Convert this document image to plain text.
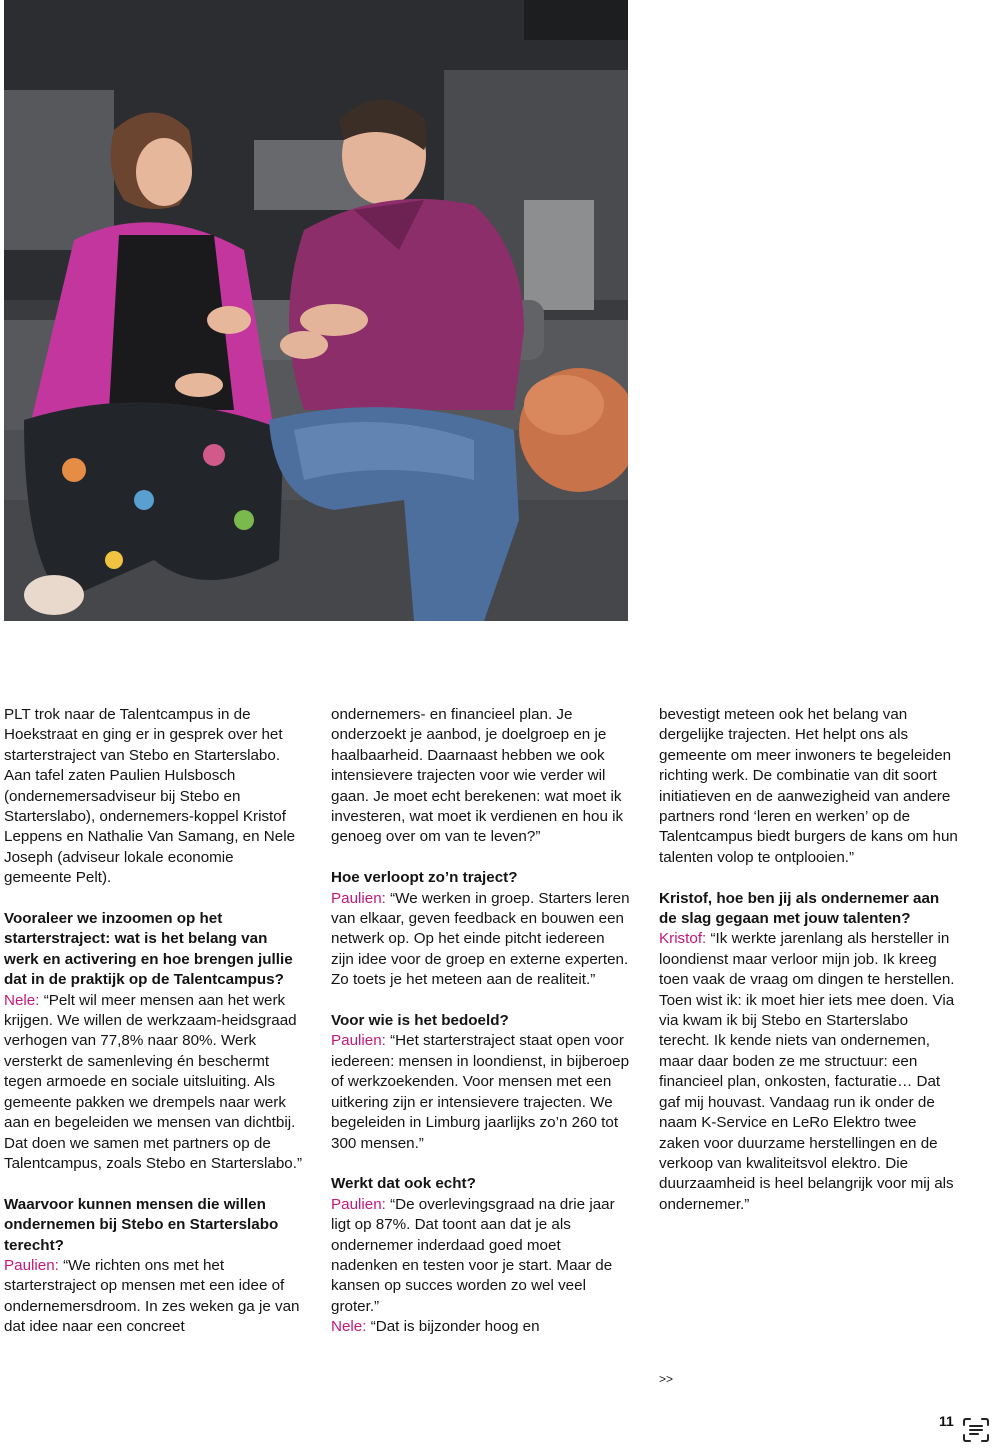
PLT trok naar de Talentcampus in de Hoekstraat en ging er in gesprek over het starterstraject van Stebo en Starterslabo. Aan tafel zaten Paulien Hulsbosch (ondernemersadviseur bij Stebo en Starterslabo), ondernemers-koppel Kristof Leppens en Nathalie Van Samang, en Nele Joseph (adviseur lokale economie gemeente Pelt).

Vooraleer we inzoomen op het starterstraject: wat is het belang van werk en activering en hoe brengen jullie dat in de praktijk op de Talentcampus?
Nele: “Pelt wil meer mensen aan het werk krijgen. We willen de werkzaam-heidsgraad verhogen van 77,8% naar 80%. Werk versterkt de samenleving én beschermt tegen armoede en sociale uitsluiting. Als gemeente pakken we drempels naar werk aan en begeleiden we mensen van dichtbij. Dat doen we samen met partners op de Talentcampus, zoals Stebo en Starterslabo.”

Waarvoor kunnen mensen die willen ondernemen bij Stebo en Starterslabo terecht?
Paulien: “We richten ons met het starterstraject op mensen met een idee of ondernemersdroom. In zes weken ga je van dat idee naar een concreet

ondernemers- en financieel plan. Je onderzoekt je aanbod, je doelgroep en je haalbaarheid. Daarnaast hebben we ook intensievere trajecten voor wie verder wil gaan. Je moet echt berekenen: wat moet ik investeren, wat moet ik verdienen en hou ik genoeg over om van te leven?”

Hoe verloopt zo’n traject?
Paulien: “We werken in groep. Starters leren van elkaar, geven feedback en bouwen een netwerk op. Op het einde pitcht iedereen zijn idee voor de groep en externe experten. Zo toets je het meteen aan de realiteit.”

Voor wie is het bedoeld?
Paulien: “Het starterstraject staat open voor iedereen: mensen in loondienst, in bijberoep of werkzoekenden. Voor mensen met een uitkering zijn er intensievere trajecten. We begeleiden in Limburg jaarlijks zo’n 260 tot 300 mensen.”

Werkt dat ook echt?
Paulien: “De overlevingsgraad na drie jaar ligt op 87%. Dat toont aan dat je als ondernemer inderdaad goed moet nadenken en testen voor je start. Maar de kansen op succes worden zo wel veel groter.”
Nele: “Dat is bijzonder hoog en

bevestigt meteen ook het belang van dergelijke trajecten. Het helpt ons als gemeente om meer inwoners te begeleiden richting werk. De combinatie van dit soort initiatieven en de aanwezigheid van andere partners rond ‘leren en werken’ op de Talentcampus biedt burgers de kans om hun talenten volop te ontplooien.”

Kristof, hoe ben jij als ondernemer aan de slag gegaan met jouw talenten?
Kristof: “Ik werkte jarenlang als hersteller in loondienst maar verloor mijn job. Ik kreeg toen vaak de vraag om dingen te herstellen. Toen wist ik: ik moet hier iets mee doen. Via via kwam ik bij Stebo en Starterslabo terecht. Ik kende niets van ondernemen, maar daar boden ze me structuur: een financieel plan, onkosten, facturatie… Dat gaf mij houvast. Vandaag run ik onder de naam K-Service en LeRo Elektro twee zaken voor duurzame herstellingen en de verkoop van kwaliteitsvol elektro. Die duurzaamheid is heel belangrijk voor mij als ondernemer.”

>>
11
